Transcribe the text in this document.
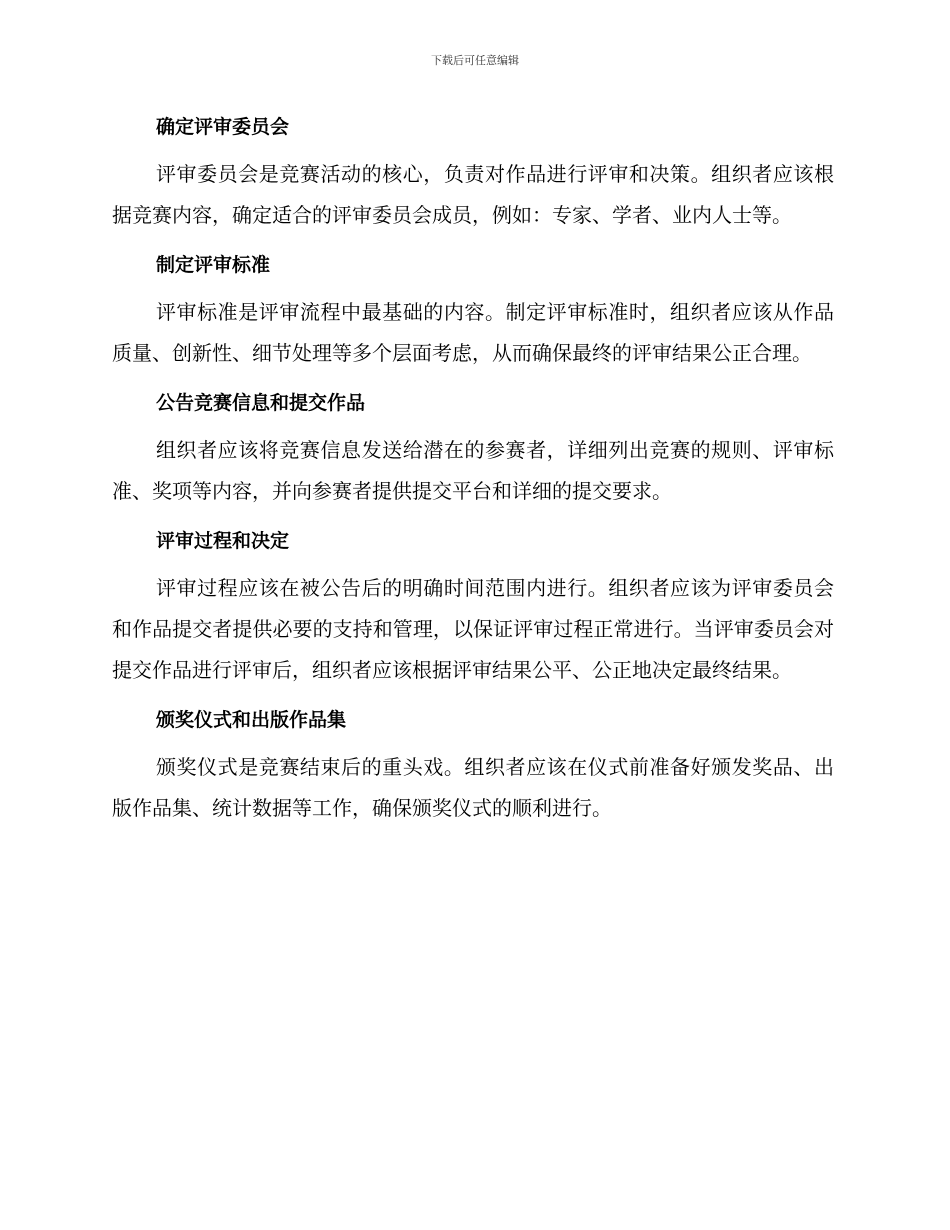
下载后可任意编辑
确定评审委员会
评审委员会是竞赛活动的核心，负责对作品进行评审和决策。组织者应该根据竞赛内容，确定适合的评审委员会成员，例如：专家、学者、业内人士等。
制定评审标准
评审标准是评审流程中最基础的内容。制定评审标准时，组织者应该从作品质量、创新性、细节处理等多个层面考虑，从而确保最终的评审结果公正合理。
公告竞赛信息和提交作品
组织者应该将竞赛信息发送给潜在的参赛者，详细列出竞赛的规则、评审标准、奖项等内容，并向参赛者提供提交平台和详细的提交要求。
评审过程和决定
评审过程应该在被公告后的明确时间范围内进行。组织者应该为评审委员会和作品提交者提供必要的支持和管理，以保证评审过程正常进行。当评审委员会对提交作品进行评审后，组织者应该根据评审结果公平、公正地决定最终结果。
颁奖仪式和出版作品集
颁奖仪式是竞赛结束后的重头戏。组织者应该在仪式前准备好颁发奖品、出版作品集、统计数据等工作，确保颁奖仪式的顺利进行。
